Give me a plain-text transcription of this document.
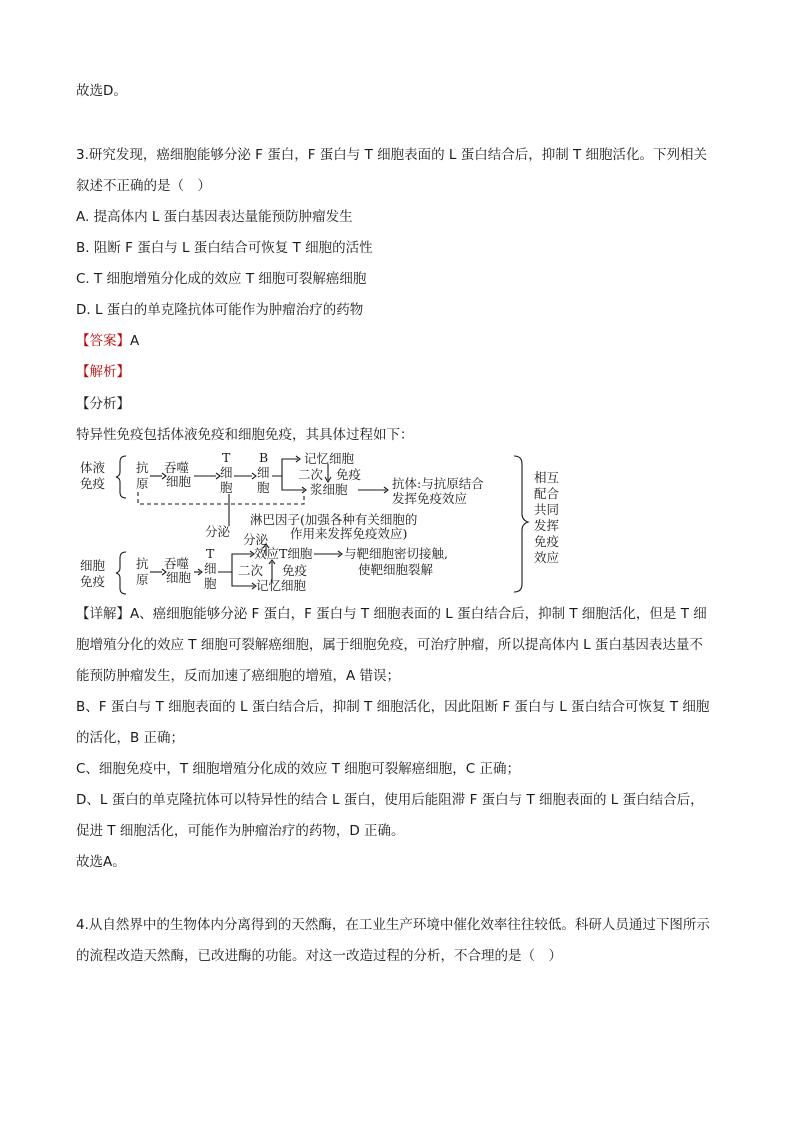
故选D。
3.研究发现，癌细胞能够分泌 F 蛋白，F 蛋白与 T 细胞表面的 L 蛋白结合后，抑制 T 细胞活化。下列相关
叙述不正确的是（　）
A. 提高体内 L 蛋白基因表达量能预防肿瘤发生
B. 阻断 F 蛋白与 L 蛋白结合可恢复 T 细胞的活性
C. T 细胞增殖分化成的效应 T 细胞可裂解癌细胞
D. L 蛋白的单克隆抗体可能作为肿瘤治疗的药物
【答案】A
【解析】
【分析】
特异性免疫包括体液免疫和细胞免疫，其具体过程如下：
体液
免疫
细胞
免疫
抗
原
吞噬
细胞
T
细
胞
B
细
胞
记忆细胞
二次 免疫
浆细胞	抗体:与抗原结合
发挥免疫效应
分泌
分泌
淋巴因子(加强各种有关细胞的
作用来发挥免疫效应)
抗
原
吞噬
细胞
T
细
胞
效应T细胞
二次 免疫
记忆细胞
与靶细胞密切接触,
使靶细胞裂解
相互
配合
共同
发挥
免疫
效应
【详解】A、癌细胞能够分泌 F 蛋白，F 蛋白与 T 细胞表面的 L 蛋白结合后，抑制 T 细胞活化，但是 T 细
胞增殖分化的效应 T 细胞可裂解癌细胞，属于细胞免疫，可治疗肿瘤，所以提高体内 L 蛋白基因表达量不
能预防肿瘤发生，反而加速了癌细胞的增殖，A 错误；
B、F 蛋白与 T 细胞表面的 L 蛋白结合后，抑制 T 细胞活化，因此阻断 F 蛋白与 L 蛋白结合可恢复 T 细胞
的活化，B 正确；
C、细胞免疫中，T 细胞增殖分化成的效应 T 细胞可裂解癌细胞，C 正确；
D、L 蛋白的单克隆抗体可以特异性的结合 L 蛋白，使用后能阻滞 F 蛋白与 T 细胞表面的 L 蛋白结合后，
促进 T 细胞活化，可能作为肿瘤治疗的药物，D 正确。
故选A。
4.从自然界中的生物体内分离得到的天然酶，在工业生产环境中催化效率往往较低。科研人员通过下图所示
的流程改造天然酶，已改进酶的功能。对这一改造过程的分析，不合理的是（　）
